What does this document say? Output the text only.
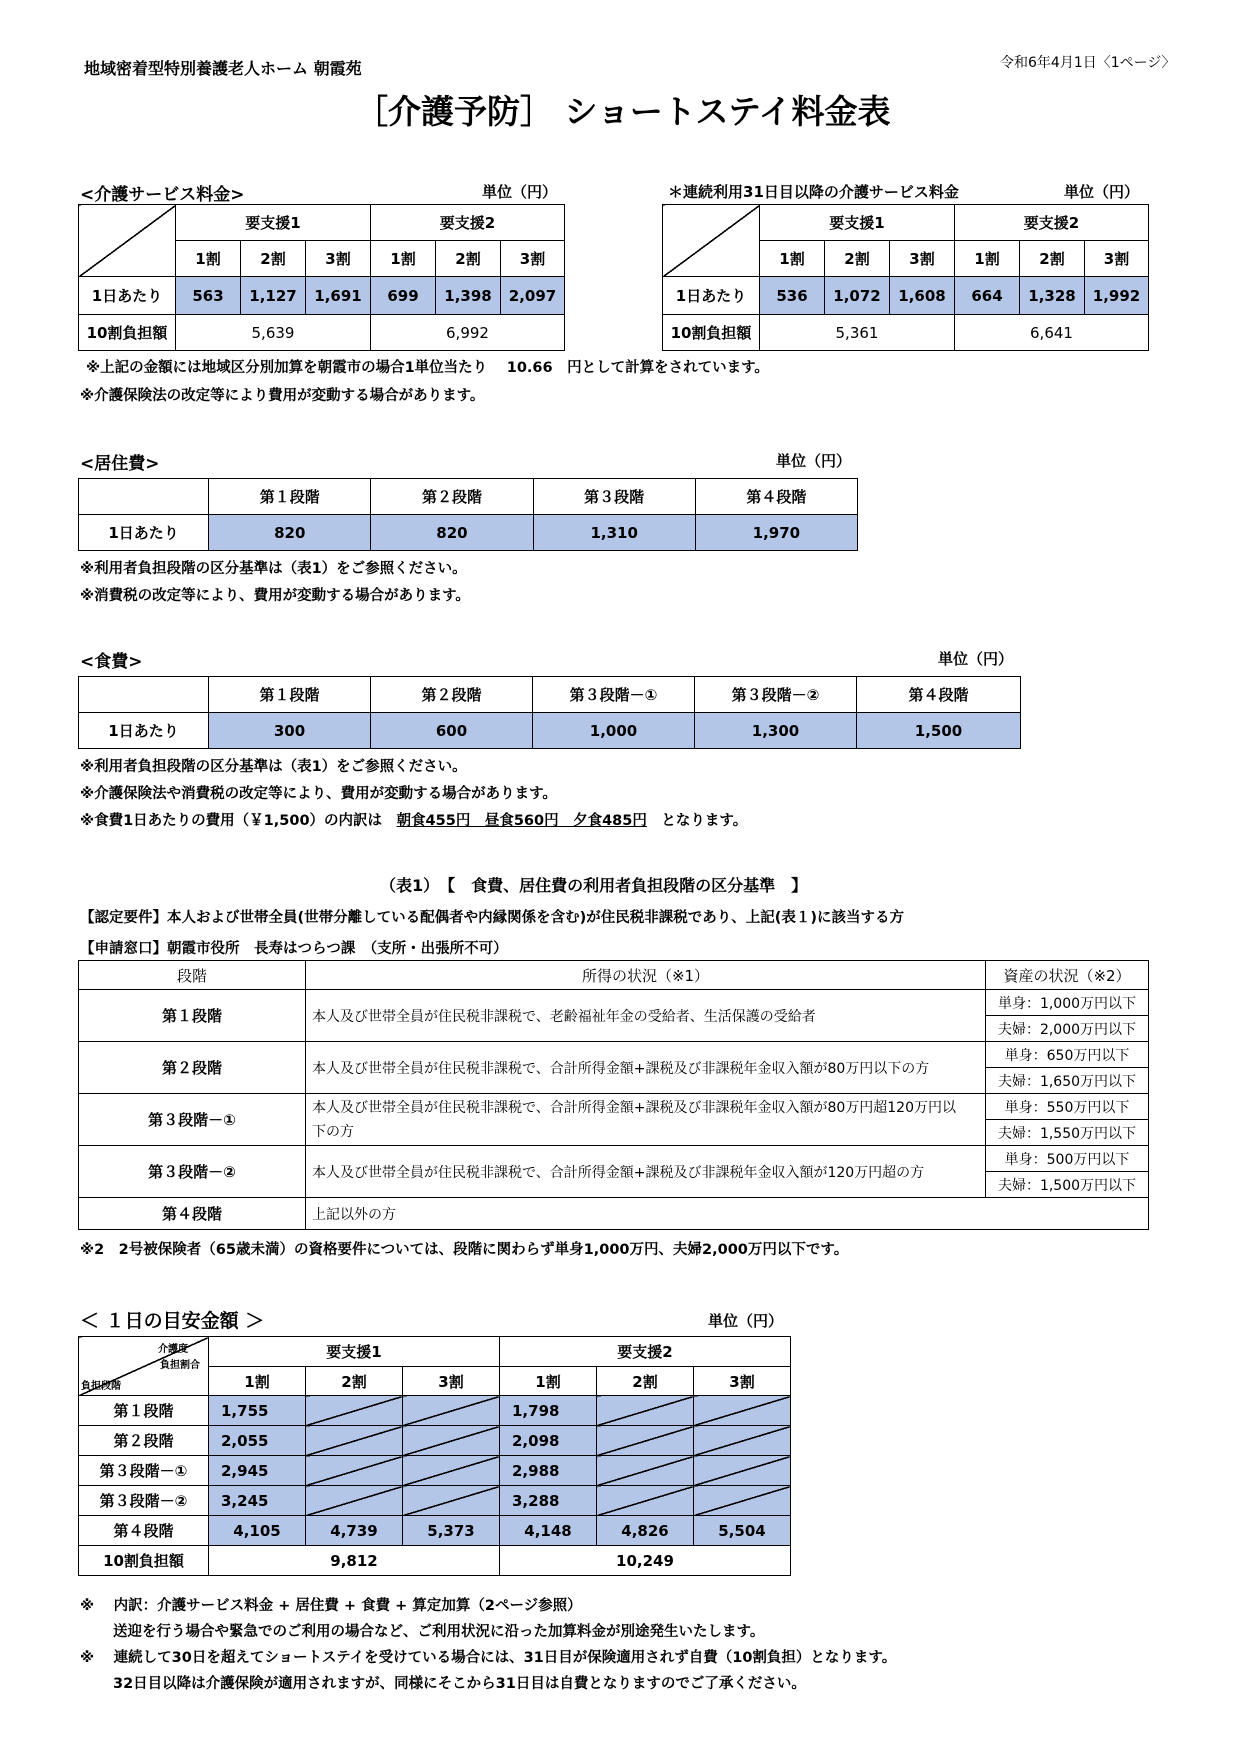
地域密着型特別養護老人ホーム 朝霞苑	令和6年4月1日〈1ページ〉
［介護予防］ ショートステイ料金表
<介護サービス料金>	単位（円）
	要支援1			要支援2		
	1割	2割	3割	1割	2割	3割
1日あたり	563	1,127	1,691	699	1,398	2,097
10割負担額	5,639			6,992		
＊連続利用31日目以降の介護サービス料金	単位（円）
	要支援1			要支援2		
	1割	2割	3割	1割	2割	3割
1日あたり	536	1,072	1,608	664	1,328	1,992
10割負担額	5,361			6,641		
※上記の金額には地域区分別加算を朝霞市の場合1単位当たり　 10.66　円として計算をされています。
※介護保険法の改定等により費用が変動する場合があります。
<居住費>	単位（円）
	第１段階	第２段階	第３段階	第４段階
1日あたり	820	820	1,310	1,970
※利用者負担段階の区分基準は（表1）をご参照ください。
※消費税の改定等により、費用が変動する場合があります。
<食費>	単位（円）
	第１段階	第２段階	第３段階－①	第３段階－②	第４段階
1日あたり	300	600	1,000	1,300	1,500
※利用者負担段階の区分基準は（表1）をご参照ください。
※介護保険法や消費税の改定等により、費用が変動する場合があります。
※食費1日あたりの費用（￥1,500）の内訳は　朝食455円　昼食560円　夕食485円　となります。
（表1）　【　食費、居住費の利用者負担段階の区分基準　】
【認定要件】本人および世帯全員(世帯分離している配偶者や内縁関係を含む)が住民税非課税であり、上記(表１)に該当する方
【申請窓口】朝霞市役所　長寿はつらつ課　（支所・出張所不可）
段階	所得の状況（※1）	資産の状況（※2）
第１段階	本人及び世帯全員が住民税非課税で、老齢福祉年金の受給者、生活保護の受給者	単身：1,000万円以下
		夫婦：2,000万円以下
第２段階	本人及び世帯全員が住民税非課税で、合計所得金額+課税及び非課税年金収入額が80万円以下の方	単身：650万円以下
		夫婦：1,650万円以下
第３段階－①	本人及び世帯全員が住民税非課税で、合計所得金額+課税及び非課税年金収入額が80万円超120万円以
下の方	単身：550万円以下
		夫婦：1,550万円以下
第３段階－②	本人及び世帯全員が住民税非課税で、合計所得金額+課税及び非課税年金収入額が120万円超の方	単身：500万円以下
		夫婦：1,500万円以下
第４段階	上記以外の方	
※2　2号被保険者（65歳未満）の資格要件については、段階に関わらず単身1,000万円、夫婦2,000万円以下です。
＜ １日の目安金額 ＞	単位（円）
介護度
負担割合
負担段階	要支援1			要支援2		
	1割	2割	3割	1割	2割	3割
第１段階	1,755			1,798		
第２段階	2,055			2,098		
第３段階－①	2,945			2,988		
第３段階－②	3,245			3,288		
第４段階	4,105	4,739	5,373	4,148	4,826	5,504
10割負担額	9,812			10,249		
※　 内訳：介護サービス料金 + 居住費 + 食費 + 算定加算（2ページ参照）
送迎を行う場合や緊急でのご利用の場合など、ご利用状況に沿った加算料金が別途発生いたします。
※　 連続して30日を超えてショートステイを受けている場合には、31日目が保険適用されず自費（10割負担）となります。
32日目以降は介護保険が適用されますが、同様にそこから31日目は自費となりますのでご了承ください。
